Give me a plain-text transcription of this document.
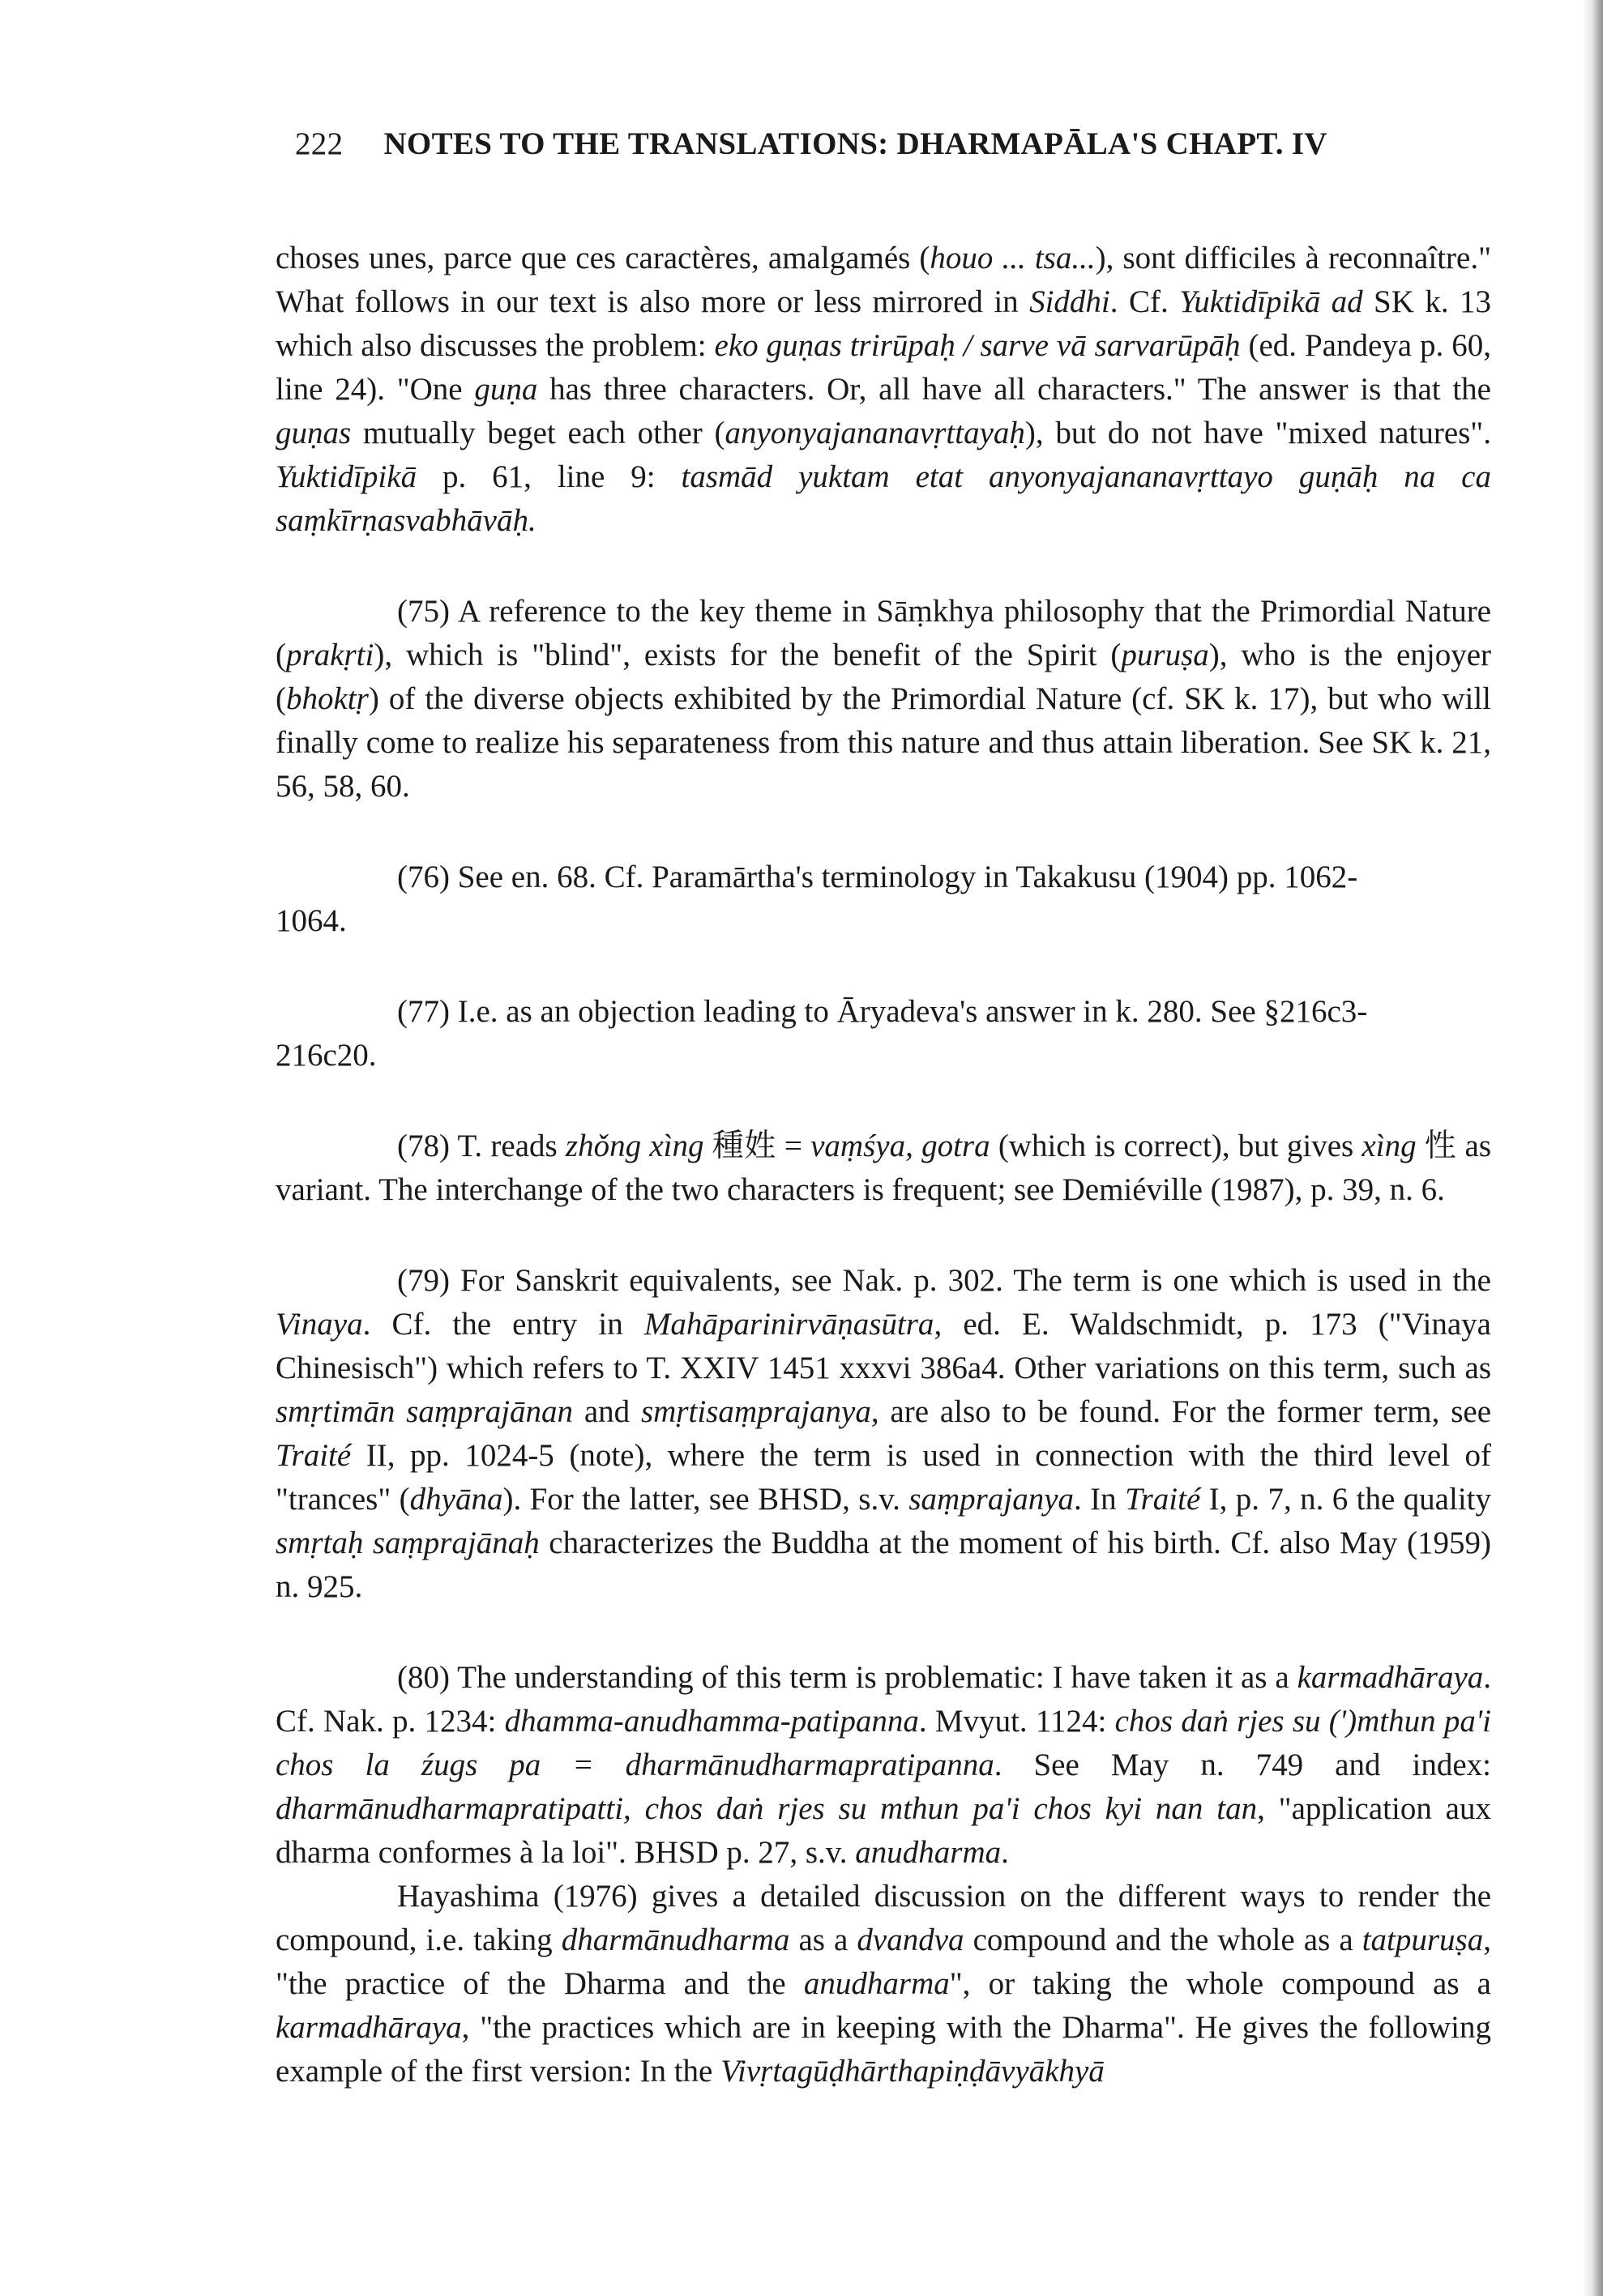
222 NOTES TO THE TRANSLATIONS: DHARMAPĀLA'S CHAPT. IV

choses unes, parce que ces caractères, amalgamés (houo ... tsa...), sont difficiles à reconnaître." What follows in our text is also more or less mirrored in Siddhi. Cf. Yuktidīpikā ad SK k. 13 which also discusses the problem: eko guṇas trirūpaḥ / sarve vā sarvarūpāḥ (ed. Pandeya p. 60, line 24). "One guṇa has three characters. Or, all have all characters." The answer is that the guṇas mutually beget each other (anyonyajananavṛttayaḥ), but do not have "mixed natures". Yuktidīpikā p. 61, line 9: tasmād yuktam etat anyonyajananavṛttayo guṇāḥ na ca saṃkīrṇasvabhāvāḥ.

(75) A reference to the key theme in Sāṃkhya philosophy that the Primordial Nature (prakṛti), which is "blind", exists for the benefit of the Spirit (puruṣa), who is the enjoyer (bhoktṛ) of the diverse objects exhibited by the Primordial Nature (cf. SK k. 17), but who will finally come to realize his separateness from this nature and thus attain liberation. See SK k. 21, 56, 58, 60.

(76) See en. 68. Cf. Paramārtha's terminology in Takakusu (1904) pp. 1062-
1064.
(77) I.e. as an objection leading to Āryadeva's answer in k. 280. See §216c3-
216c20.

(78) T. reads zhǒng xìng 種姓 = vaṃśya, gotra (which is correct), but gives xìng 性 as variant. The interchange of the two characters is frequent; see Demiéville (1987), p. 39, n. 6.

(79) For Sanskrit equivalents, see Nak. p. 302. The term is one which is used in the Vinaya. Cf. the entry in Mahāparinirvāṇasūtra, ed. E. Waldschmidt, p. 173 ("Vinaya Chinesisch") which refers to T. XXIV 1451 xxxvi 386a4. Other variations on this term, such as smṛtimān saṃprajānan and smṛtisaṃprajanya, are also to be found. For the former term, see Traité II, pp. 1024-5 (note), where the term is used in connection with the third level of "trances" (dhyāna). For the latter, see BHSD, s.v. saṃprajanya. In Traité I, p. 7, n. 6 the quality smṛtaḥ saṃprajānaḥ characterizes the Buddha at the moment of his birth. Cf. also May (1959) n. 925.

(80) The understanding of this term is problematic: I have taken it as a karmadhāraya. Cf. Nak. p. 1234: dhamma-anudhamma-patipanna. Mvyut. 1124: chos daṅ rjes su (')mthun pa'i chos la źugs pa = dharmānudharmapratipanna. See May n. 749 and index: dharmānudharmapratipatti, chos daṅ rjes su mthun pa'i chos kyi nan tan, "application aux dharma conformes à la loi". BHSD p. 27, s.v. anudharma.

Hayashima (1976) gives a detailed discussion on the different ways to render the compound, i.e. taking dharmānudharma as a dvandva compound and the whole as a tatpuruṣa, "the practice of the Dharma and the anudharma", or taking the whole compound as a karmadhāraya, "the practices which are in keeping with the Dharma". He gives the following example of the first version: In the Vivṛtagūḍhārthapiṇḍāvyākhyā
